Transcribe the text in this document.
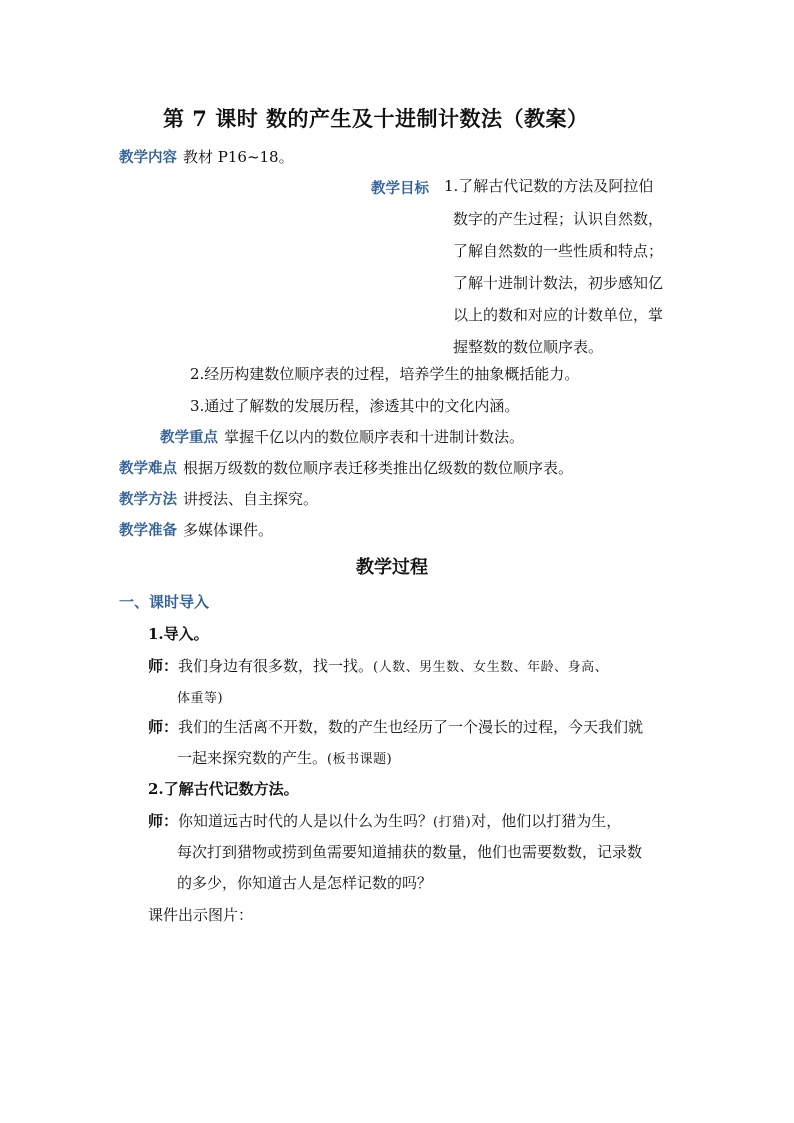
第 7 课时 数的产生及十进制计数法（教案）
教学内容 教材 P16~18。
教学目标 1.了解古代记数的方法及阿拉伯
数字的产生过程；认识自然数，
了解自然数的一些性质和特点；
了解十进制计数法，初步感知亿
以上的数和对应的计数单位，掌
握整数的数位顺序表。
2.经历构建数位顺序表的过程，培养学生的抽象概括能力。
3.通过了解数的发展历程，渗透其中的文化内涵。
教学重点 掌握千亿以内的数位顺序表和十进制计数法。
教学难点 根据万级数的数位顺序表迁移类推出亿级数的数位顺序表。
教学方法 讲授法、自主探究。
教学准备 多媒体课件。
教学过程
一、课时导入
1.导入。
师：我们身边有很多数，找一找。(人数、男生数、女生数、年龄、身高、
体重等)
师：我们的生活离不开数，数的产生也经历了一个漫长的过程，今天我们就
一起来探究数的产生。(板书课题)
2.了解古代记数方法。
师：你知道远古时代的人是以什么为生吗？(打猎)对，他们以打猎为生，
每次打到猎物或捞到鱼需要知道捕获的数量，他们也需要数数，记录数
的多少，你知道古人是怎样记数的吗？
课件出示图片：
